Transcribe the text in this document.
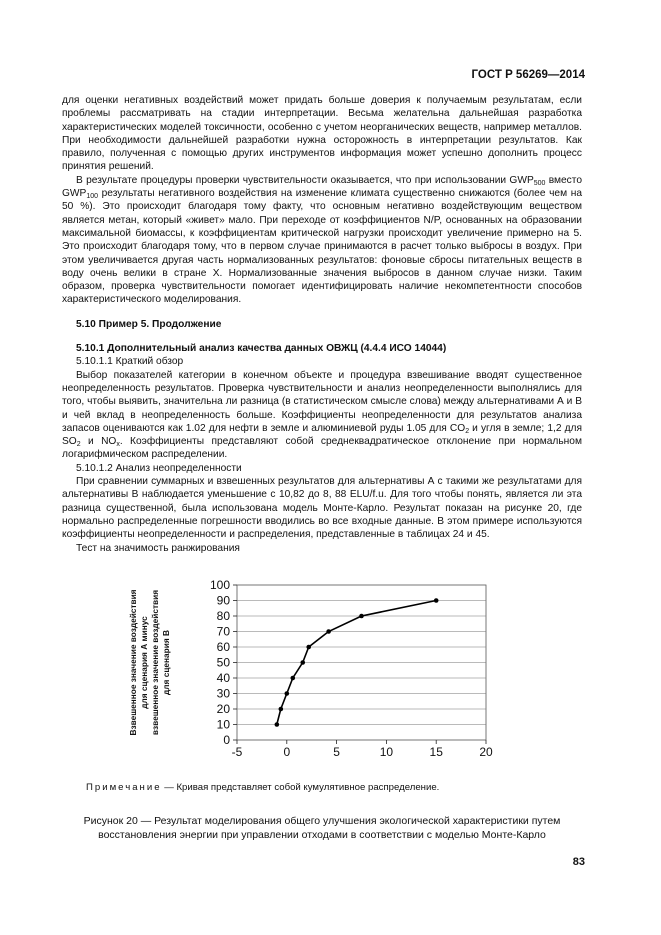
ГОСТ Р 56269—2014

для оценки негативных воздействий может придать больше доверия к получаемым результатам, если проблемы рассматривать на стадии интерпретации. Весьма желательна дальнейшая разработка характеристических моделей токсичности, особенно с учетом неорганических веществ, например металлов. При необходимости дальнейшей разработки нужна осторожность в интерпретации результатов. Как правило, полученная с помощью других инструментов информация может успешно дополнить процесс принятия решений.

В результате процедуры проверки чувствительности оказывается, что при использовании $GWP_{500}$ вместо $GWP_{100}$ результаты негативного воздействия на изменение климата существенно снижаются (более чем на 50 %). Это происходит благодаря тому факту, что основным негативно воздействующим веществом является метан, который «живет» мало. При переходе от коэффициентов N/P, основанных на образовании максимальной биомассы, к коэффициентам критической нагрузки происходит увеличение примерно на 5. Это происходит благодаря тому, что в первом случае принимаются в расчет только выбросы в воздух. При этом увеличивается другая часть нормализованных результатов: фоновые сбросы питательных веществ в воду очень велики в стране X. Нормализованные значения выбросов в данном случае низки. Таким образом, проверка чувствительности помогает идентифицировать наличие некомпетентности способов характеристического моделирования.

5.10 Пример 5. Продолжение

5.10.1 Дополнительный анализ качества данных ОВЖЦ (4.4.4 ИСО 14044)

5.10.1.1 Краткий обзор

Выбор показателей категории в конечном объекте и процедура взвешивание вводят существенное неопределенность результатов. Проверка чувствительности и анализ неопределенности выполнялись для того, чтобы выявить, значительна ли разница (в статистическом смысле слова) между альтернативами А и В и чей вклад в неопределенность больше. Коэффициенты неопределенности для результатов анализа запасов оцениваются как 1.02 для нефти в земле и алюминиевой руды 1.05 для $CO_2$ и угля в земле; 1,2 для $SO_2$ и $NO_x$. Коэффициенты представляют собой среднеквадратическое отклонение при нормальном логарифмическом распределении.

5.10.1.2 Анализ неопределенности

При сравнении суммарных и взвешенных результатов для альтернативы А с такими же результатами для альтернативы В наблюдается уменьшение с 10,82 до 8, 88 ELU/f.u. Для того чтобы понять, является ли эта разница существенной, была использована модель Монте-Карло. Результат показан на рисунке 20, где нормально распределенные погрешности вводились во все входные данные. В этом примере используются коэффициенты неопределенности и распределения, представленные в таблицах 24 и 45.

Тест на значимость ранжирования

0
10
20
30
40
50
60
70
80
90
100
-5	0	5	10	15	20
Взвешенное значение воздействия для сценария А минус взвешенное значение воздействия для сценария В
Примечание — Кривая представляет собой кумулятивное распределение.
Рисунок 20 — Результат моделирования общего улучшения экологической характеристики путем восстановления энергии при управлении отходами в соответствии с моделью Монте-Карло
83
